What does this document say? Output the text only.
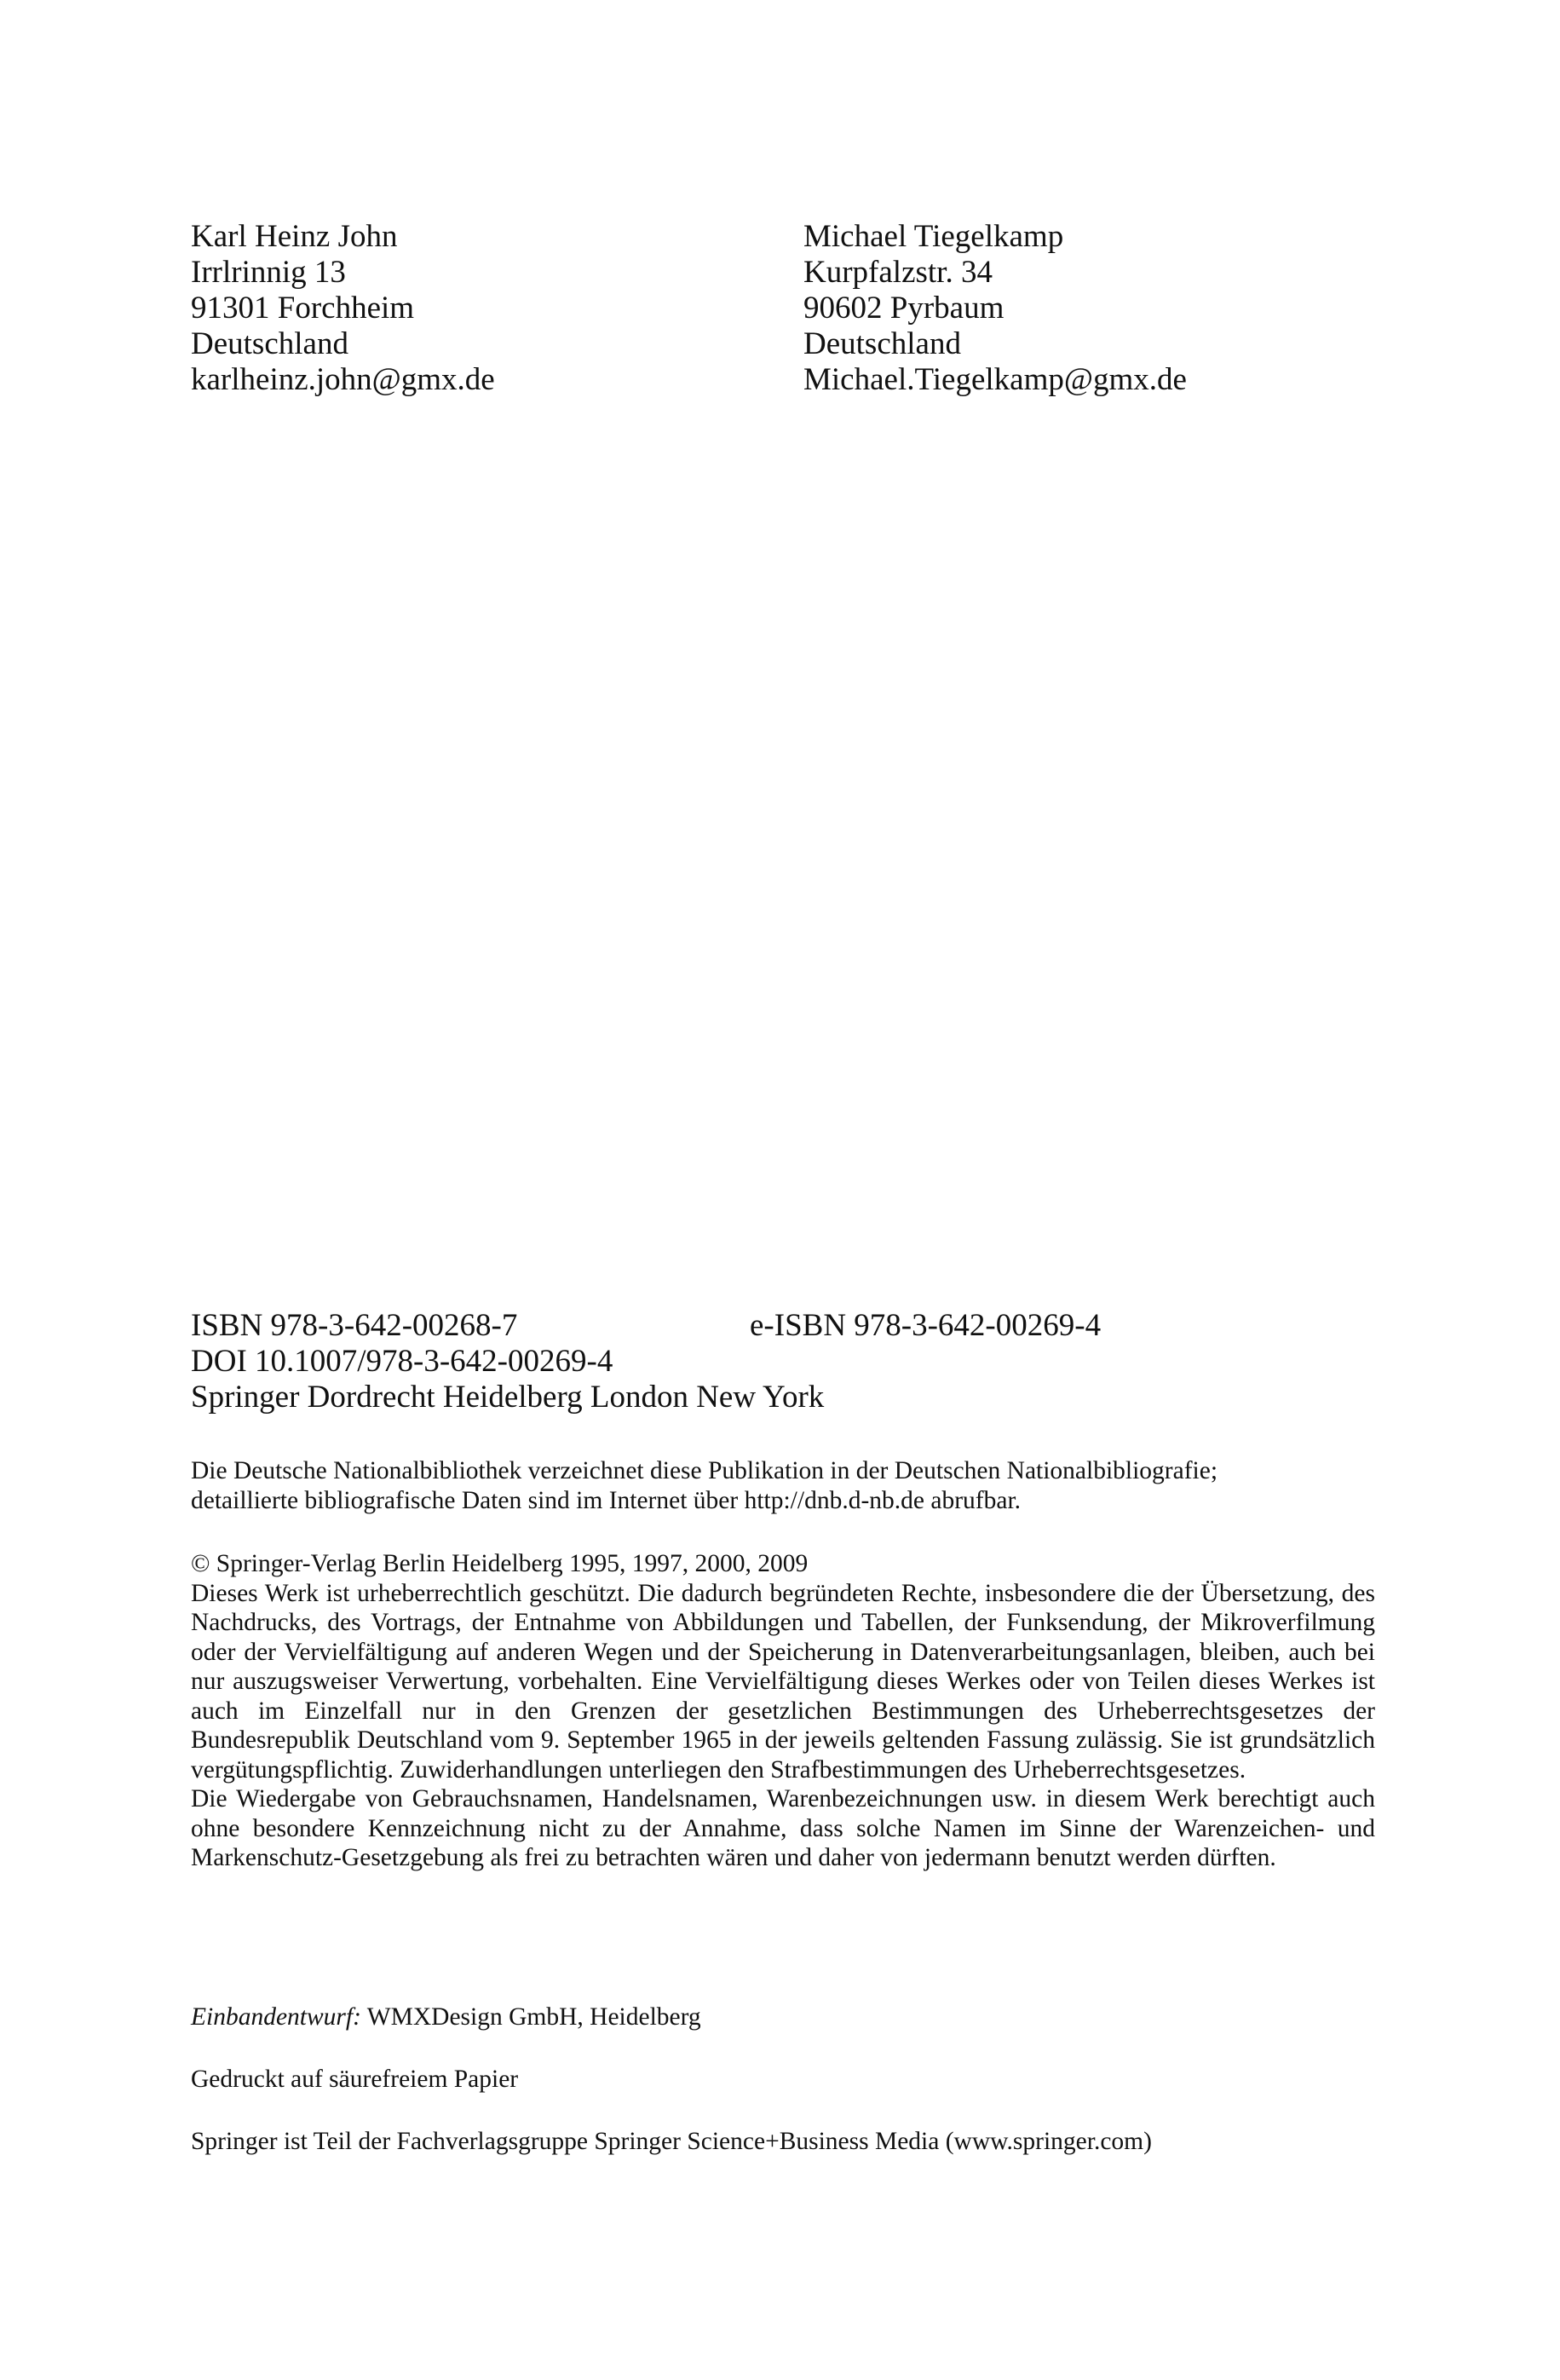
Karl Heinz John
Irrlrinnig 13
91301 Forchheim
Deutschland
karlheinz.john@gmx.de
Michael Tiegelkamp
Kurpfalzstr. 34
90602 Pyrbaum
Deutschland
Michael.Tiegelkamp@gmx.de
ISBN 978-3-642-00268-7	e-ISBN 978-3-642-00269-4
DOI 10.1007/978-3-642-00269-4
Springer Dordrecht Heidelberg London New York
Die Deutsche Nationalbibliothek verzeichnet diese Publikation in der Deutschen Nationalbibliografie;
detaillierte bibliografische Daten sind im Internet über http://dnb.d-nb.de abrufbar.
© Springer-Verlag Berlin Heidelberg 1995, 1997, 2000, 2009
Dieses Werk ist urheberrechtlich geschützt. Die dadurch begründeten Rechte, insbesondere die der Übersetzung, des Nachdrucks, des Vortrags, der Entnahme von Abbildungen und Tabellen, der Funksendung, der Mikroverfilmung oder der Vervielfältigung auf anderen Wegen und der Speicherung in Datenverarbeitungsanlagen, bleiben, auch bei nur auszugsweiser Verwertung, vorbehalten. Eine Vervielfältigung dieses Werkes oder von Teilen dieses Werkes ist auch im Einzelfall nur in den Grenzen der gesetzlichen Bestimmungen des Urheberrechtsgesetzes der Bundesrepublik Deutschland vom 9. September 1965 in der jeweils geltenden Fassung zulässig. Sie ist grundsätzlich vergütungspflichtig. Zuwiderhandlungen unterliegen den Strafbestimmungen des Urheberrechtsgesetzes.
Die Wiedergabe von Gebrauchsnamen, Handelsnamen, Warenbezeichnungen usw. in diesem Werk berechtigt auch ohne besondere Kennzeichnung nicht zu der Annahme, dass solche Namen im Sinne der Warenzeichen- und Markenschutz-Gesetzgebung als frei zu betrachten wären und daher von jedermann benutzt werden dürften.
Einbandentwurf: WMXDesign GmbH, Heidelberg
Gedruckt auf säurefreiem Papier
Springer ist Teil der Fachverlagsgruppe Springer Science+Business Media (www.springer.com)
